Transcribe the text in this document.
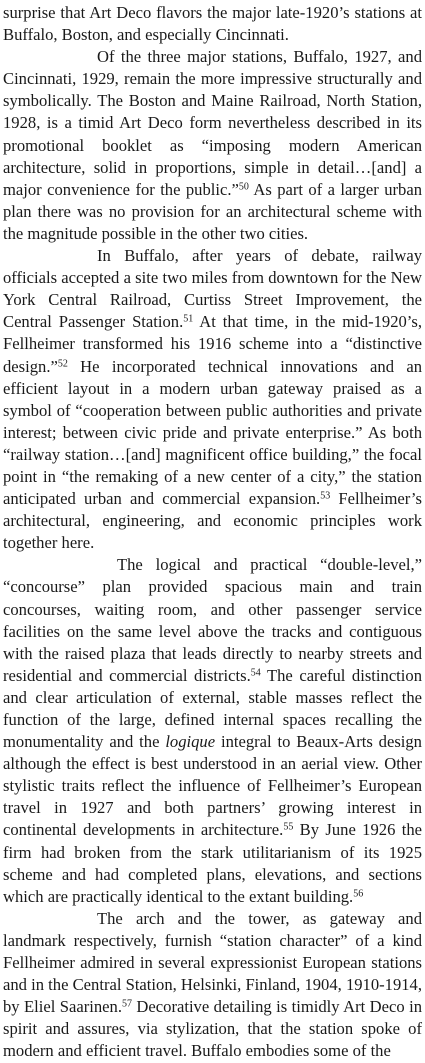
surprise that Art Deco flavors the major late-1920’s stations at Buffalo, Boston, and especially Cincinnati.

Of the three major stations, Buffalo, 1927, and Cincinnati, 1929, remain the more impressive structurally and symbolically. The Boston and Maine Railroad, North Station, 1928, is a timid Art Deco form nevertheless described in its promotional booklet as “imposing modern American architecture, solid in proportions, simple in detail…[and] a major convenience for the public.”$^{50}$ As part of a larger urban plan there was no provision for an architectural scheme with the magnitude possible in the other two cities.

In Buffalo, after years of debate, railway officials accepted a site two miles from downtown for the New York Central Railroad, Curtiss Street Improvement, the Central Passenger Station.$^{51}$ At that time, in the mid-1920’s, Fellheimer transformed his 1916 scheme into a “distinctive design.”$^{52}$ He incorporated technical innovations and an efficient layout in a modern urban gateway praised as a symbol of “cooperation between public authorities and private interest; between civic pride and private enterprise.” As both “railway station…[and] magnificent office building,” the focal point in “the remaking of a new center of a city,” the station anticipated urban and commercial expansion.$^{53}$ Fellheimer’s architectural, engineering, and economic principles work together here.

The logical and practical “double-level,” “concourse” plan provided spacious main and train concourses, waiting room, and other passenger service facilities on the same level above the tracks and contiguous with the raised plaza that leads directly to nearby streets and residential and commercial districts.$^{54}$ The careful distinction and clear articulation of external, stable masses reflect the function of the large, defined internal spaces recalling the monumentality and the logique integral to Beaux-Arts design although the effect is best understood in an aerial view. Other stylistic traits reflect the influence of Fellheimer’s European travel in 1927 and both partners’ growing interest in continental developments in architecture.$^{55}$ By June 1926 the firm had broken from the stark utilitarianism of its 1925 scheme and had completed plans, elevations, and sections which are practically identical to the extant building.$^{56}$

The arch and the tower, as gateway and landmark respectively, furnish “station character” of a kind Fellheimer admired in several expressionist European stations and in the Central Station, Helsinki, Finland, 1904, 1910-1914, by Eliel Saarinen.$^{57}$ Decorative detailing is timidly Art Deco in spirit and assures, via stylization, that the station spoke of modern and efficient travel. Buffalo embodies some of the
